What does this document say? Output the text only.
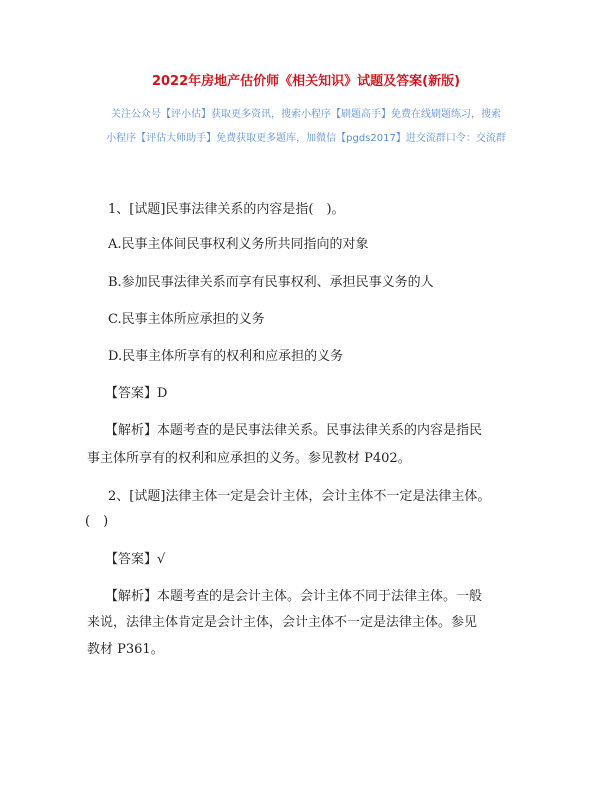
2022年房地产估价师《相关知识》试题及答案(新版)
关注公众号【评小估】获取更多资讯，搜索小程序【刷题高手】免费在线刷题练习，搜索
小程序【评估大师助手】免费获取更多题库，加微信【pgds2017】进交流群口令：交流群
1、[试题]民事法律关系的内容是指(　)。
A.民事主体间民事权利义务所共同指向的对象
B.参加民事法律关系而享有民事权利、承担民事义务的人
C.民事主体所应承担的义务
D.民事主体所享有的权利和应承担的义务
【答案】D
【解析】本题考查的是民事法律关系。民事法律关系的内容是指民
事主体所享有的权利和应承担的义务。参见教材 P402。
2、[试题]法律主体一定是会计主体，会计主体不一定是法律主体。
(　)
【答案】√
【解析】本题考查的是会计主体。会计主体不同于法律主体。一般
来说，法律主体肯定是会计主体，会计主体不一定是法律主体。参见
教材 P361。
